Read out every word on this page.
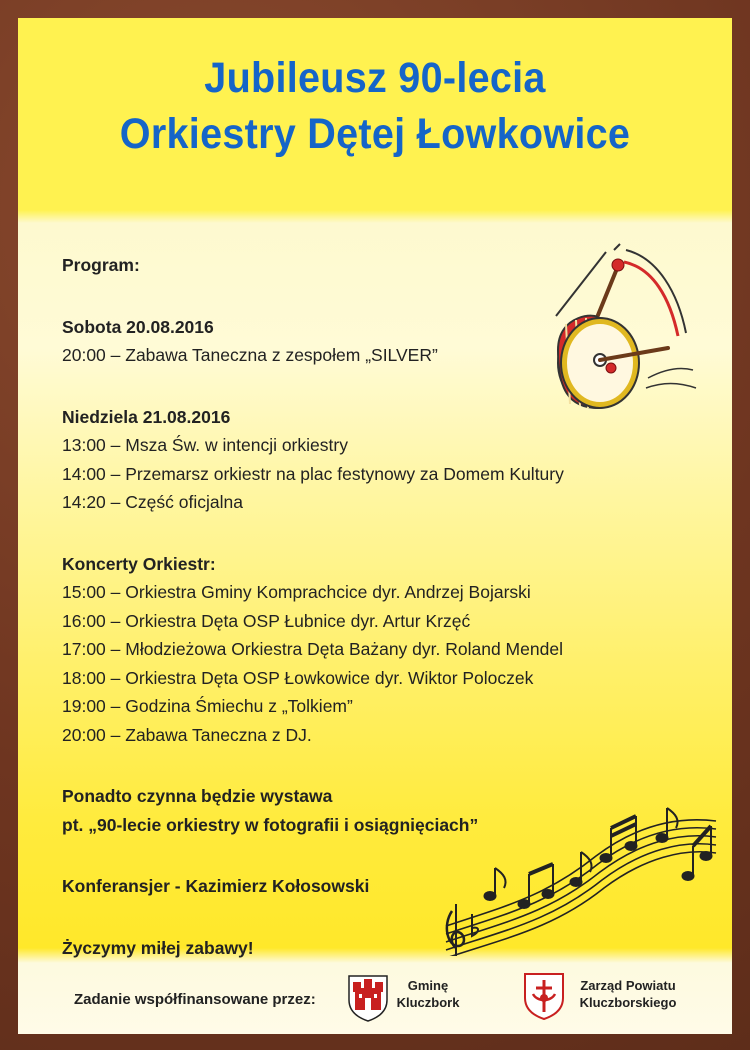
Jubileusz 90-lecia
Orkiestry Dętej Łowkowice
Program:
Sobota 20.08.2016
20:00 – Zabawa Taneczna z zespołem „SILVER”
Niedziela 21.08.2016
13:00 – Msza Św. w intencji orkiestry
14:00 – Przemarsz orkiestr na plac festynowy za Domem Kultury
14:20 – Część oficjalna
Koncerty Orkiestr:
15:00 – Orkiestra Gminy Komprachcice dyr. Andrzej Bojarski
16:00 – Orkiestra Dęta OSP Łubnice dyr. Artur Krzęć
17:00 – Młodzieżowa Orkiestra Dęta Bażany dyr. Roland Mendel
18:00 – Orkiestra Dęta OSP Łowkowice dyr. Wiktor Poloczek
19:00 – Godzina Śmiechu z „Tolkiem”
20:00 – Zabawa Taneczna z DJ.
Ponadto czynna będzie wystawa
pt. „90-lecie orkiestry w fotografii i osiągnięciach”
Konferansjer - Kazimierz Kołosowski
Życzymy miłej zabawy!
Zadanie współfinansowane przez:
Gminę
Kluczbork
Zarząd Powiatu
Kluczborskiego
